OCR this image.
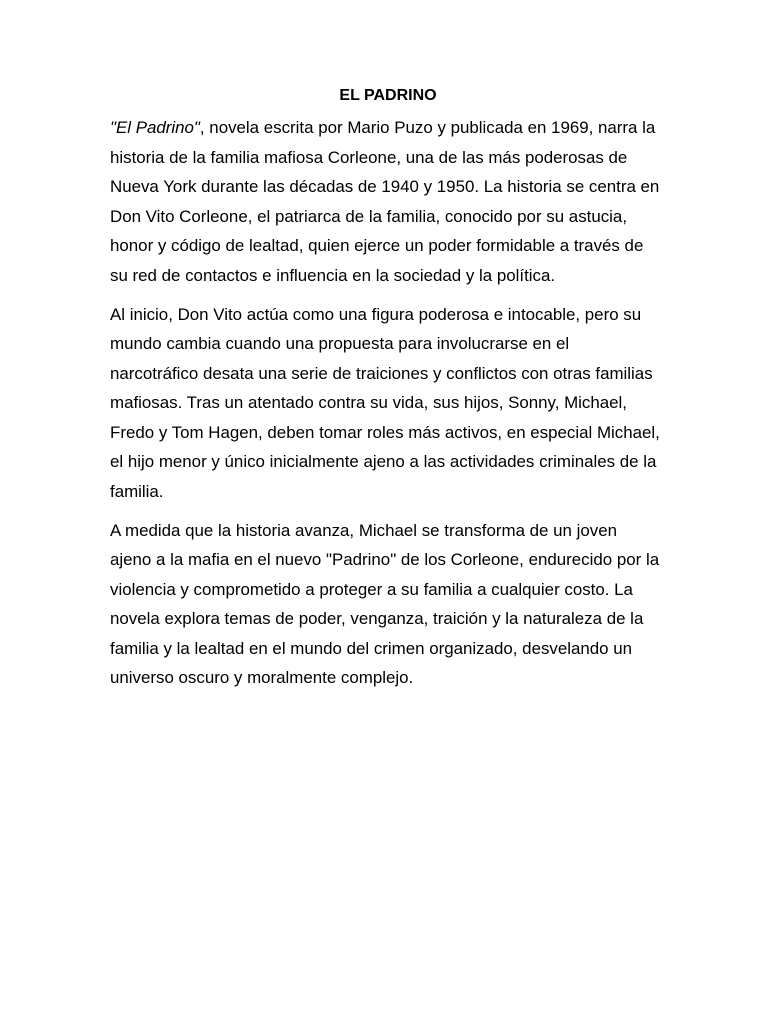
EL PADRINO

"El Padrino", novela escrita por Mario Puzo y publicada en 1969, narra la historia de la familia mafiosa Corleone, una de las más poderosas de Nueva York durante las décadas de 1940 y 1950. La historia se centra en Don Vito Corleone, el patriarca de la familia, conocido por su astucia, honor y código de lealtad, quien ejerce un poder formidable a través de su red de contactos e influencia en la sociedad y la política.

Al inicio, Don Vito actúa como una figura poderosa e intocable, pero su mundo cambia cuando una propuesta para involucrarse en el narcotráfico desata una serie de traiciones y conflictos con otras familias mafiosas. Tras un atentado contra su vida, sus hijos, Sonny, Michael, Fredo y Tom Hagen, deben tomar roles más activos, en especial Michael, el hijo menor y único inicialmente ajeno a las actividades criminales de la familia.

A medida que la historia avanza, Michael se transforma de un joven ajeno a la mafia en el nuevo "Padrino" de los Corleone, endurecido por la violencia y comprometido a proteger a su familia a cualquier costo. La novela explora temas de poder, venganza, traición y la naturaleza de la familia y la lealtad en el mundo del crimen organizado, desvelando un universo oscuro y moralmente complejo.
